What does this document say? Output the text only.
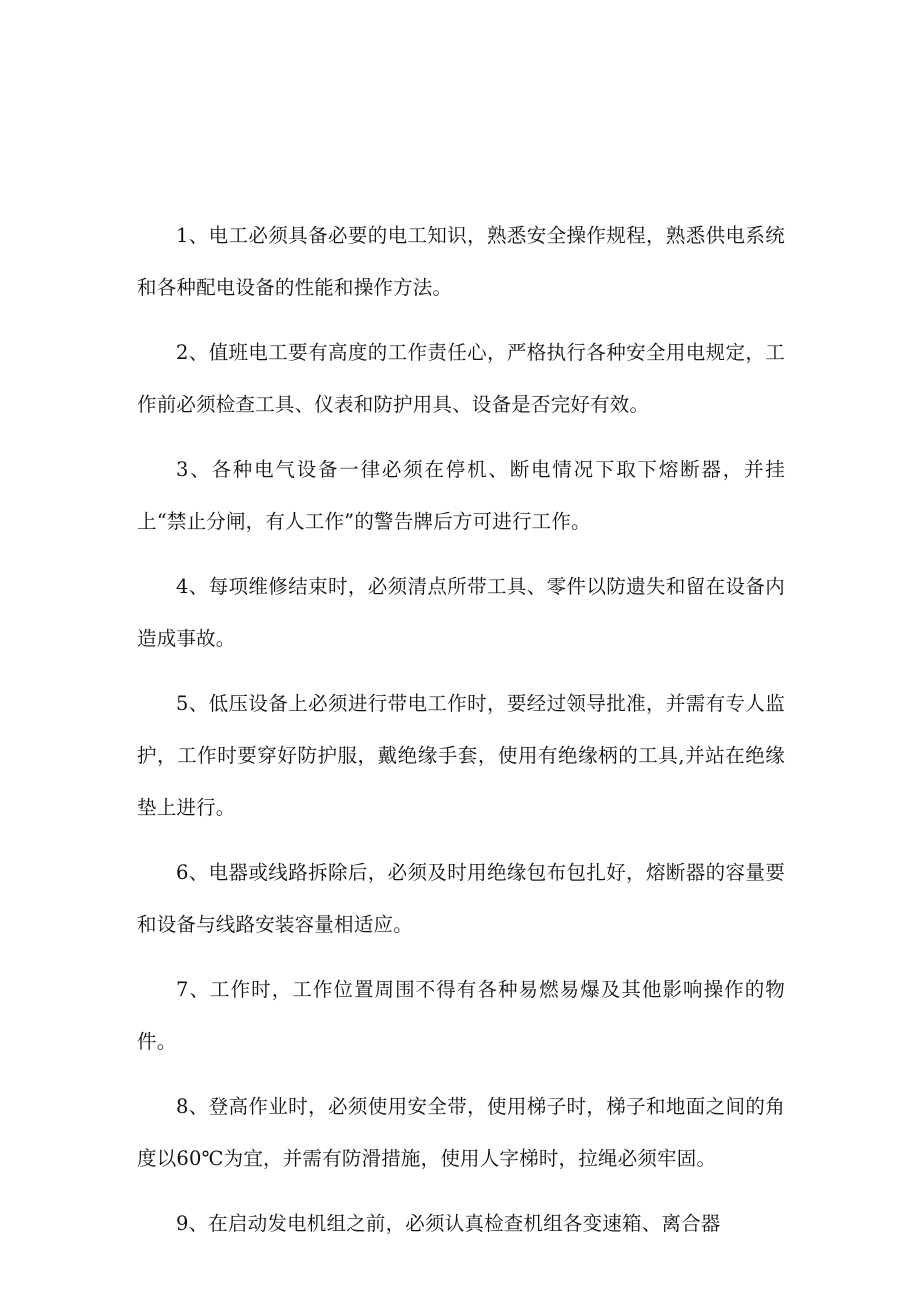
1、电工必须具备必要的电工知识，熟悉安全操作规程，熟悉供电系统和各种配电设备的性能和操作方法。

2、值班电工要有高度的工作责任心，严格执行各种安全用电规定，工作前必须检查工具、仪表和防护用具、设备是否完好有效。

3、各种电气设备一律必须在停机、断电情况下取下熔断器，并挂上“禁止分闸，有人工作”的警告牌后方可进行工作。

4、每项维修结束时，必须清点所带工具、零件以防遗失和留在设备内造成事故。

5、低压设备上必须进行带电工作时，要经过领导批准，并需有专人监护，工作时要穿好防护服，戴绝缘手套，使用有绝缘柄的工具,并站在绝缘垫上进行。

6、电器或线路拆除后，必须及时用绝缘包布包扎好，熔断器的容量要和设备与线路安装容量相适应。

7、工作时，工作位置周围不得有各种易燃易爆及其他影响操作的物件。

8、登高作业时，必须使用安全带，使用梯子时，梯子和地面之间的角度以60℃为宜，并需有防滑措施，使用人字梯时，拉绳必须牢固。

9、在启动发电机组之前，必须认真检查机组各变速箱、离合器
